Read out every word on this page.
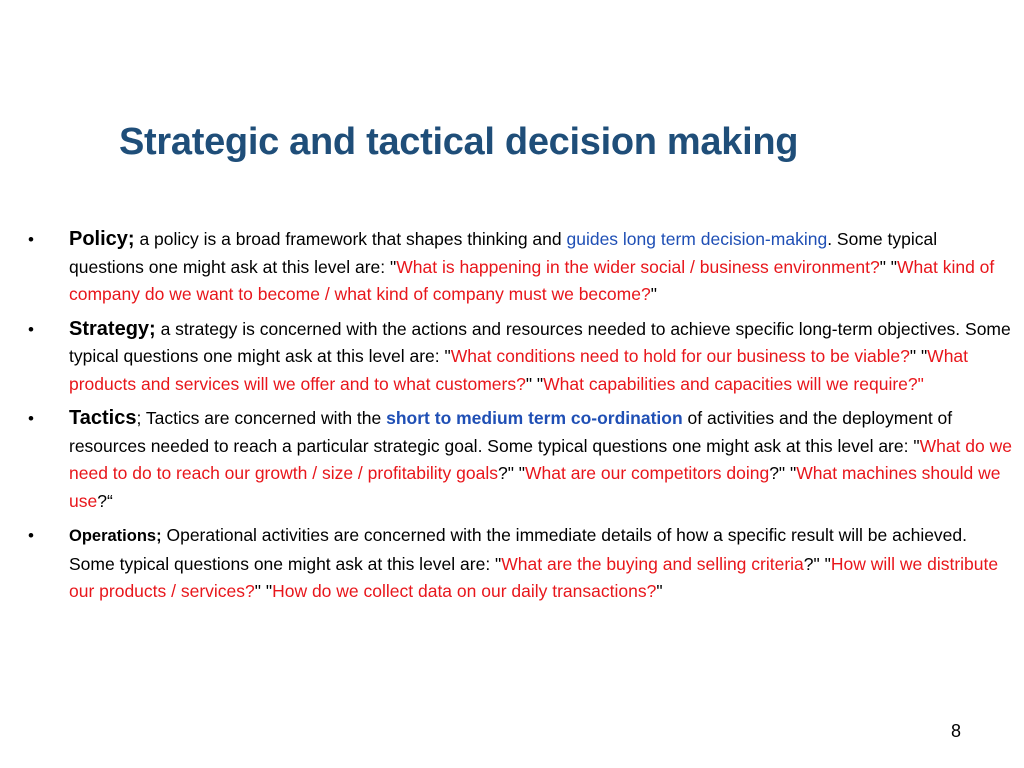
Strategic and tactical decision making
• Policy; a policy is a broad framework that shapes thinking and guides long term decision-making. Some typical questions one might ask at this level are: "What is happening in the wider social / business environment?" "What kind of company do we want to become / what kind of company must we become?"
• Strategy; a strategy is concerned with the actions and resources needed to achieve specific long-term objectives. Some typical questions one might ask at this level are: "What conditions need to hold for our business to be viable?" "What products and services will we offer and to what customers?" "What capabilities and capacities will we require?"
• Tactics; Tactics are concerned with the short to medium term co-ordination of activities and the deployment of resources needed to reach a particular strategic goal. Some typical questions one might ask at this level are: "What do we need to do to reach our growth / size / profitability goals?" "What are our competitors doing?" "What machines should we use?“
• Operations; Operational activities are concerned with the immediate details of how a specific result will be achieved. Some typical questions one might ask at this level are: "What are the buying and selling criteria?" "How will we distribute our products / services?" "How do we collect data on our daily transactions?"
8
